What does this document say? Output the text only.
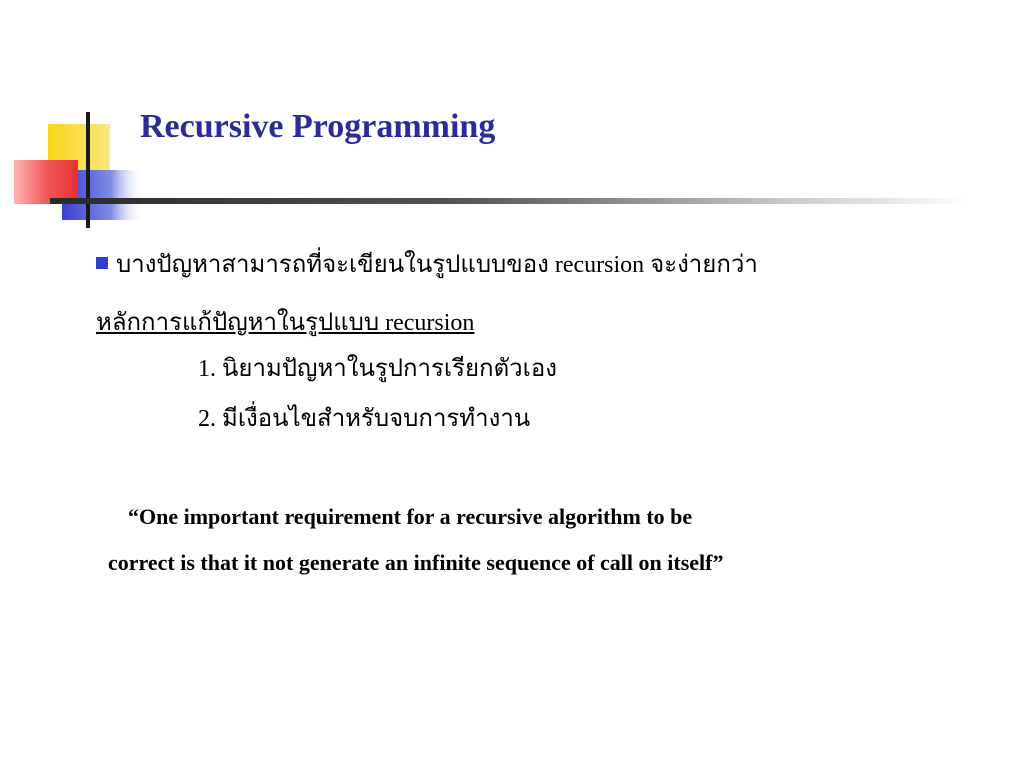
Recursive Programming
บางปัญหาสามารถที่จะเขียนในรูปแบบของ recursion จะง่ายกว่า
หลักการแก้ปัญหาในรูปแบบ recursion
1. นิยามปัญหาในรูปการเรียกตัวเอง
2. มีเงื่อนไขสำหรับจบการทำงาน
“One important requirement for a recursive algorithm to be
correct is that it not generate an infinite sequence of call on itself”
